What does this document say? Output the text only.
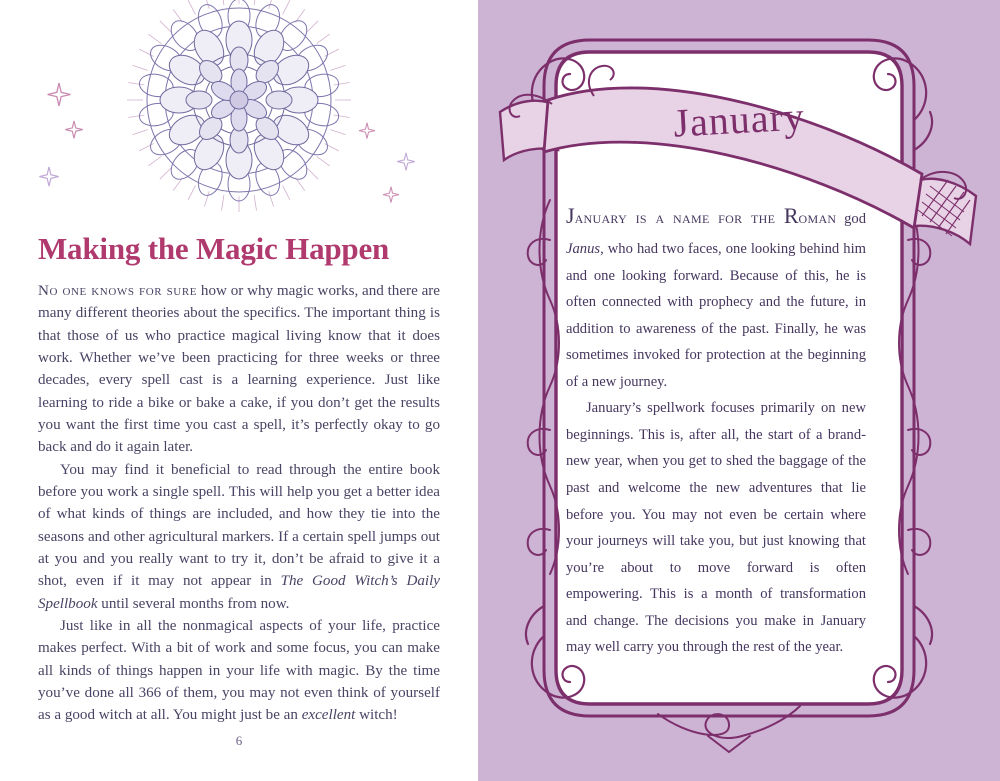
Making the Magic Happen

No one knows for sure how or why magic works, and there are many different theories about the specifics. The important thing is that those of us who practice magical living know that it does work. Whether we’ve been practicing for three weeks or three decades, every spell cast is a learning experience. Just like learning to ride a bike or bake a cake, if you don’t get the results you want the first time you cast a spell, it’s perfectly okay to go back and do it again later.

You may find it beneficial to read through the entire book before you work a single spell. This will help you get a better idea of what kinds of things are included, and how they tie into the seasons and other agricultural markers. If a certain spell jumps out at you and you really want to try it, don’t be afraid to give it a shot, even if it may not appear in The Good Witch’s Daily Spellbook until several months from now.

Just like in all the nonmagical aspects of your life, practice makes perfect. With a bit of work and some focus, you can make all kinds of things happen in your life with magic. By the time you’ve done all 366 of them, you may not even think of yourself as a good witch at all. You might just be an excellent witch!

6
January

January is a name for the Roman god Janus, who had two faces, one looking behind him and one looking forward. Because of this, he is often connected with prophecy and the future, in addition to awareness of the past. Finally, he was sometimes invoked for protection at the beginning of a new journey.

January’s spellwork focuses primarily on new beginnings. This is, after all, the start of a brand-new year, when you get to shed the baggage of the past and welcome the new adventures that lie before you. You may not even be certain where your journeys will take you, but just knowing that you’re about to move forward is often empowering. This is a month of transformation and change. The decisions you make in January may well carry you through the rest of the year.
